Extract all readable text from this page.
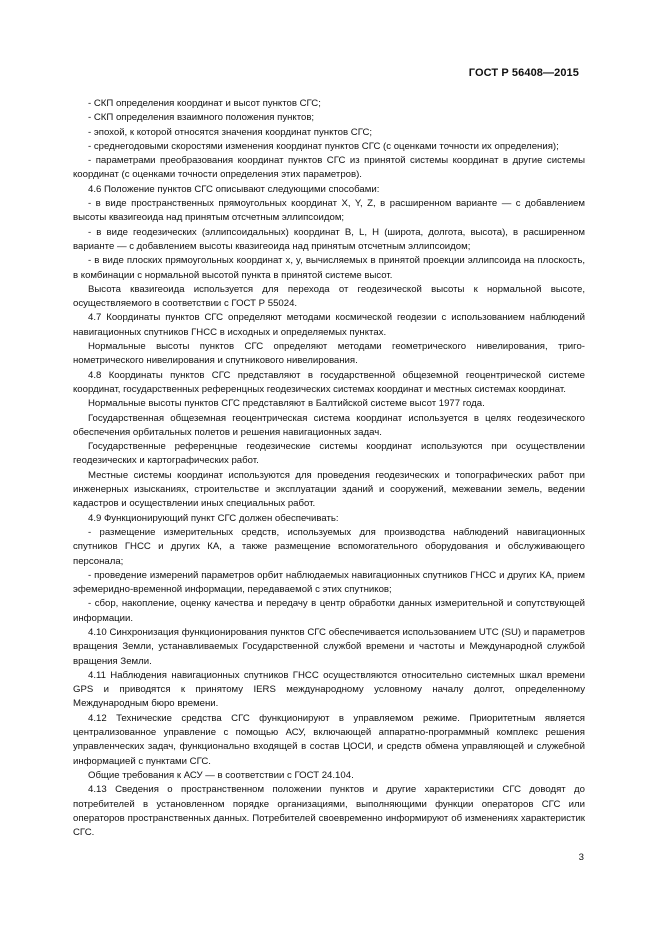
ГОСТ Р 56408—2015

- СКП определения координат и высот пунктов СГС;

- СКП определения взаимного положения пунктов;

- эпохой, к которой относятся значения координат пунктов СГС;

- среднегодовыми скоростями изменения координат пунктов СГС (с оценками точности их определения);

- параметрами преобразования координат пунктов СГС из принятой системы координат в другие системы координат (с оценками точности определения этих параметров).

4.6 Положение пунктов СГС описывают следующими способами:

- в виде пространственных прямоугольных координат X, Y, Z, в расширенном варианте — с добавлением высоты квазигеоида над принятым отсчетным эллипсоидом;

- в виде геодезических (эллипсоидальных) координат B, L, H (широта, долгота, высота), в расширенном варианте — с добавлением высоты квазигеоида над принятым отсчетным эллипсоидом;

- в виде плоских прямоугольных координат x, y, вычисляемых в принятой проекции эллипсоида на плоскость, в комбинации с нормальной высотой пункта в принятой системе высот.

Высота квазигеоида используется для перехода от геодезической высоты к нормальной высоте, осуществляемого в соответствии с ГОСТ Р 55024.

4.7 Координаты пунктов СГС определяют методами космической геодезии с использованием наблюдений навигационных спутников ГНСС в исходных и определяемых пунктах.

Нормальные высоты пунктов СГС определяют методами геометрического нивелирования, тригонометрического нивелирования и спутникового нивелирования.

4.8 Координаты пунктов СГС представляют в государственной общеземной геоцентрической системе координат, государственных референцных геодезических системах координат и местных системах координат.

Нормальные высоты пунктов СГС представляют в Балтийской системе высот 1977 года.

Государственная общеземная геоцентрическая система координат используется в целях геодезического обеспечения орбитальных полетов и решения навигационных задач.

Государственные референцные геодезические системы координат используются при осуществлении геодезических и картографических работ.

Местные системы координат используются для проведения геодезических и топографических работ при инженерных изысканиях, строительстве и эксплуатации зданий и сооружений, межевании земель, ведении кадастров и осуществлении иных специальных работ.

4.9 Функционирующий пункт СГС должен обеспечивать:

- размещение измерительных средств, используемых для производства наблюдений навигационных спутников ГНСС и других КА, а также размещение вспомогательного оборудования и обслуживающего персонала;

- проведение измерений параметров орбит наблюдаемых навигационных спутников ГНСС и других КА, прием эфемеридно-временной информации, передаваемой с этих спутников;

- сбор, накопление, оценку качества и передачу в центр обработки данных измерительной и сопутствующей информации.

4.10 Синхронизация функционирования пунктов СГС обеспечивается использованием UTC (SU) и параметров вращения Земли, устанавливаемых Государственной службой времени и частоты и Международной службой вращения Земли.

4.11 Наблюдения навигационных спутников ГНСС осуществляются относительно системных шкал времени GPS и приводятся к принятому IERS международному условному началу долгот, определенному Международным бюро времени.

4.12 Технические средства СГС функционируют в управляемом режиме. Приоритетным является централизованное управление с помощью АСУ, включающей аппаратно-программный комплекс решения управленческих задач, функционально входящей в состав ЦОСИ, и средств обмена управляющей и служебной информацией с пунктами СГС.

Общие требования к АСУ — в соответствии с ГОСТ 24.104.

4.13 Сведения о пространственном положении пунктов и другие характеристики СГС доводят до потребителей в установленном порядке организациями, выполняющими функции операторов СГС или операторов пространственных данных. Потребителей своевременно информируют об изменениях характеристик СГС.

3
